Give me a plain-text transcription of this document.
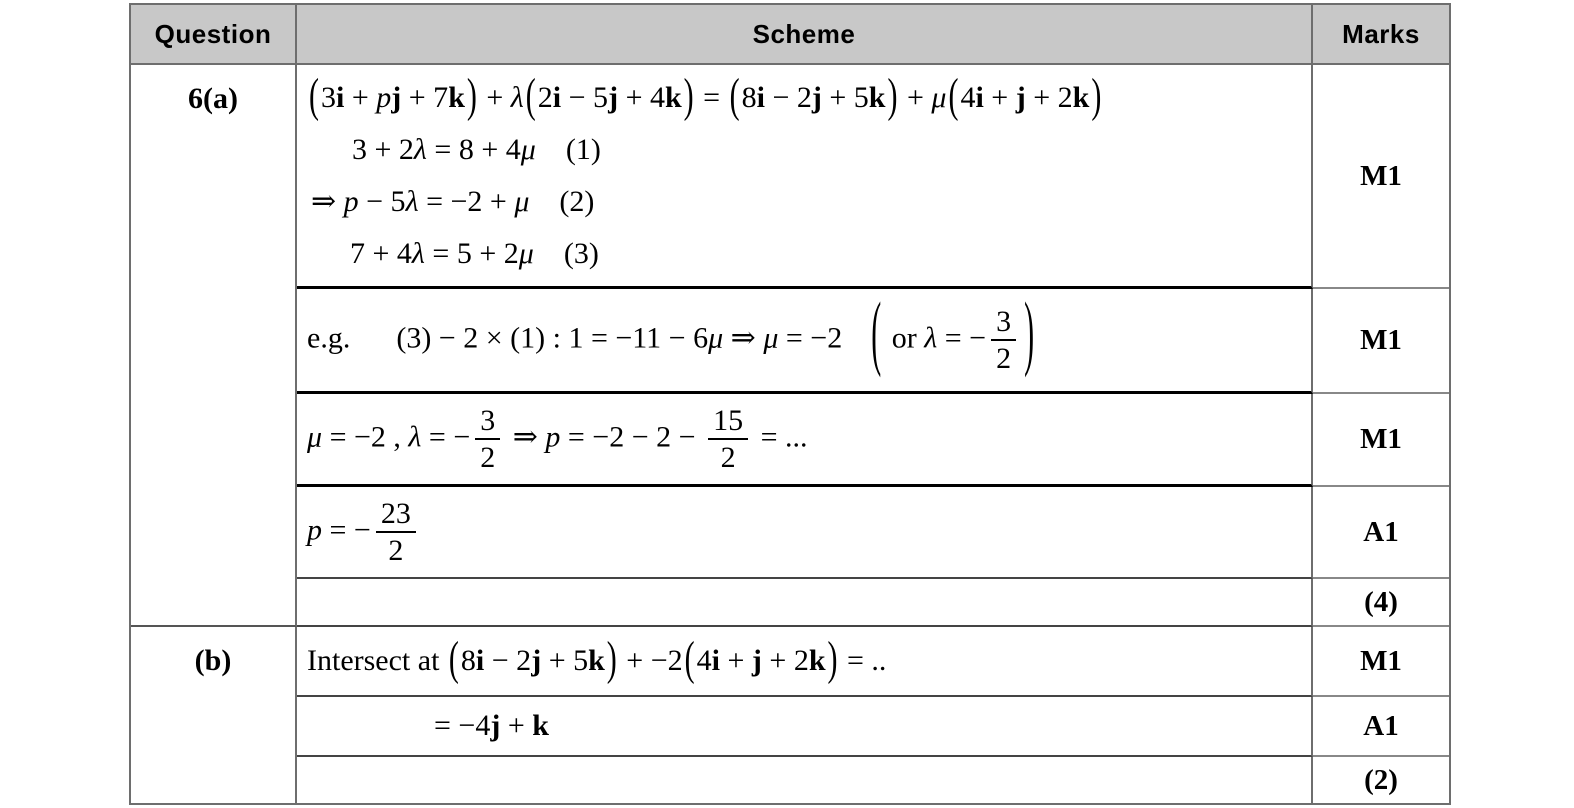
Question	Scheme	Marks
6(a)
(b)
(3i + pj + 7k) + λ(2i − 5j + 4k) = (8i − 2j + 5k) + μ(4i + j + 2k)
3 + 2λ = 8 + 4μ (1)
⇒ p − 5λ = −2 + μ (2)
7 + 4λ = 5 + 2μ (3)
e.g. (3) − 2 × (1) : 1 = −11 − 6μ ⇒ μ = −2 ( or λ = − $\frac{3}{2}$ )
μ = −2 , λ = − $\frac{3}{2}$ ⇒ $p = -2 - 2 - \frac{15}{2}$ = ...
p = − $\frac{23}{2}$
Intersect at (8i − 2j + 5k) + −2(4i + j + 2k) = ..
= −4j + k
M1
M1
M1
A1
(4)
M1
A1
(2)
